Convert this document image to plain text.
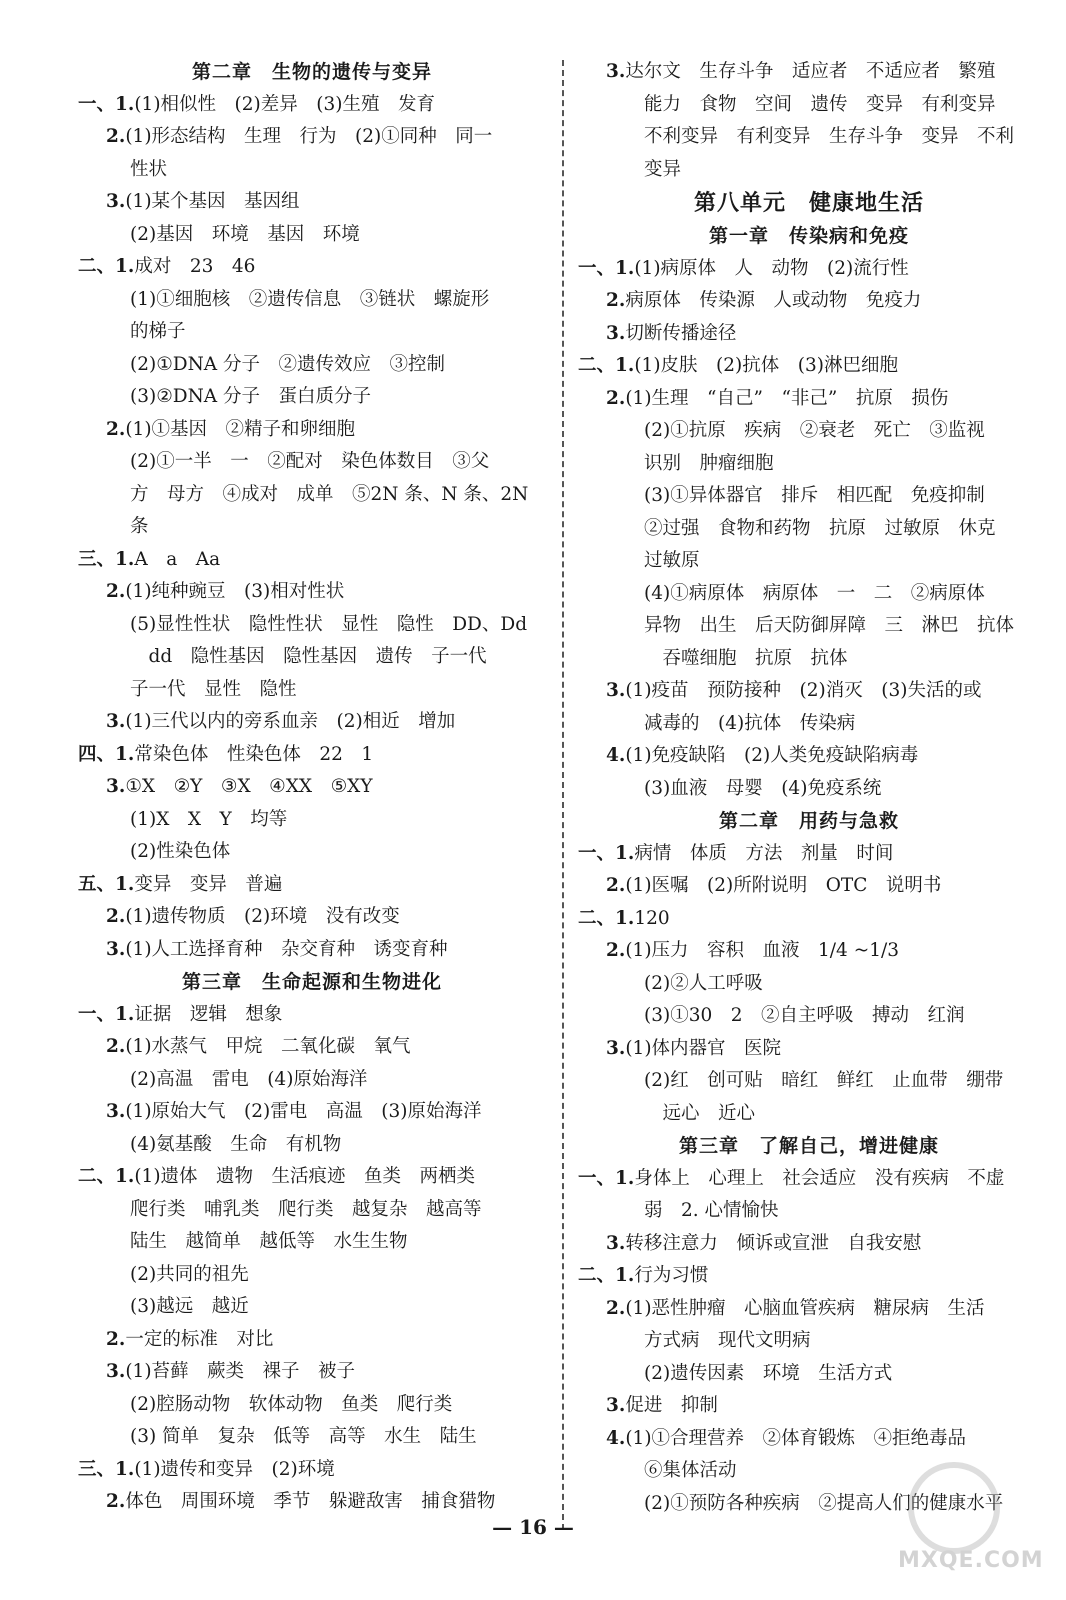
第二章　生物的遗传与变异
一、1.(1)相似性　(2)差异　(3)生殖　发育
2.(1)形态结构　生理　行为　(2)①同种　同一
性状
3.(1)某个基因　基因组
(2)基因　环境　基因　环境
二、1.成对　23　46
(1)①细胞核　②遗传信息　③链状　螺旋形
的梯子
(2)①DNA 分子　②遗传效应　③控制
(3)②DNA 分子　蛋白质分子
2.(1)①基因　②精子和卵细胞
(2)①一半　一　②配对　染色体数目　③父
方　母方　④成对　成单　⑤2N 条、N 条、2N
条
三、1.A　a　Aa
2.(1)纯种豌豆　(3)相对性状
(5)显性性状　隐性性状　显性　隐性　DD、Dd
　dd　隐性基因　隐性基因　遗传　子一代
子一代　显性　隐性
3.(1)三代以内的旁系血亲　(2)相近　增加
四、1.常染色体　性染色体　22　1
3.①X　②Y　③X　④XX　⑤XY
(1)X　X　Y　均等
(2)性染色体
五、1.变异　变异　普遍
2.(1)遗传物质　(2)环境　没有改变
3.(1)人工选择育种　杂交育种　诱变育种
第三章　生命起源和生物进化
一、1.证据　逻辑　想象
2.(1)水蒸气　甲烷　二氧化碳　氧气
(2)高温　雷电　(4)原始海洋
3.(1)原始大气　(2)雷电　高温　(3)原始海洋
(4)氨基酸　生命　有机物
二、1.(1)遗体　遗物　生活痕迹　鱼类　两栖类
爬行类　哺乳类　爬行类　越复杂　越高等
陆生　越简单　越低等　水生生物
(2)共同的祖先
(3)越远　越近
2.一定的标准　对比
3.(1)苔藓　蕨类　裸子　被子
(2)腔肠动物　软体动物　鱼类　爬行类
(3) 简单　复杂　低等　高等　水生　陆生
三、1.(1)遗传和变异　(2)环境
2.体色　周围环境　季节　躲避敌害　捕食猎物
3.达尔文　生存斗争　适应者　不适应者　繁殖
能力　食物　空间　遗传　变异　有利变异
不利变异　有利变异　生存斗争　变异　不利
变异
第八单元　健康地生活
第一章　传染病和免疫
一、1.(1)病原体　人　动物　(2)流行性
2.病原体　传染源　人或动物　免疫力
3.切断传播途径
二、1.(1)皮肤　(2)抗体　(3)淋巴细胞
2.(1)生理　“自己”　“非己”　抗原　损伤
(2)①抗原　疾病　②衰老　死亡　③监视
识别　肿瘤细胞
(3)①异体器官　排斥　相匹配　免疫抑制
②过强　食物和药物　抗原　过敏原　休克
过敏原
(4)①病原体　病原体　一　二　②病原体
异物　出生　后天防御屏障　三　淋巴　抗体
　吞噬细胞　抗原　抗体
3.(1)疫苗　预防接种　(2)消灭　(3)失活的或
减毒的　(4)抗体　传染病
4.(1)免疫缺陷　(2)人类免疫缺陷病毒
(3)血液　母婴　(4)免疫系统
第二章　用药与急救
一、1.病情　体质　方法　剂量　时间
2.(1)医嘱　(2)所附说明　OTC　说明书
二、1.120
2.(1)压力　容积　血液　1/4 ~1/3
(2)②人工呼吸
(3)①30　2　②自主呼吸　搏动　红润
3.(1)体内器官　医院
(2)红　创可贴　暗红　鲜红　止血带　绷带
　远心　近心
第三章　了解自己，增进健康
一、1.身体上　心理上　社会适应　没有疾病　不虚
弱　2. 心情愉快
3.转移注意力　倾诉或宣泄　自我安慰
二、1.行为习惯
2.(1)恶性肿瘤　心脑血管疾病　糖尿病　生活
方式病　现代文明病
(2)遗传因素　环境　生活方式
3.促进　抑制
4.(1)①合理营养　②体育锻炼　④拒绝毒品
⑥集体活动
(2)①预防各种疾病　②提高人们的健康水平
— 16 —
MXQE.COM
